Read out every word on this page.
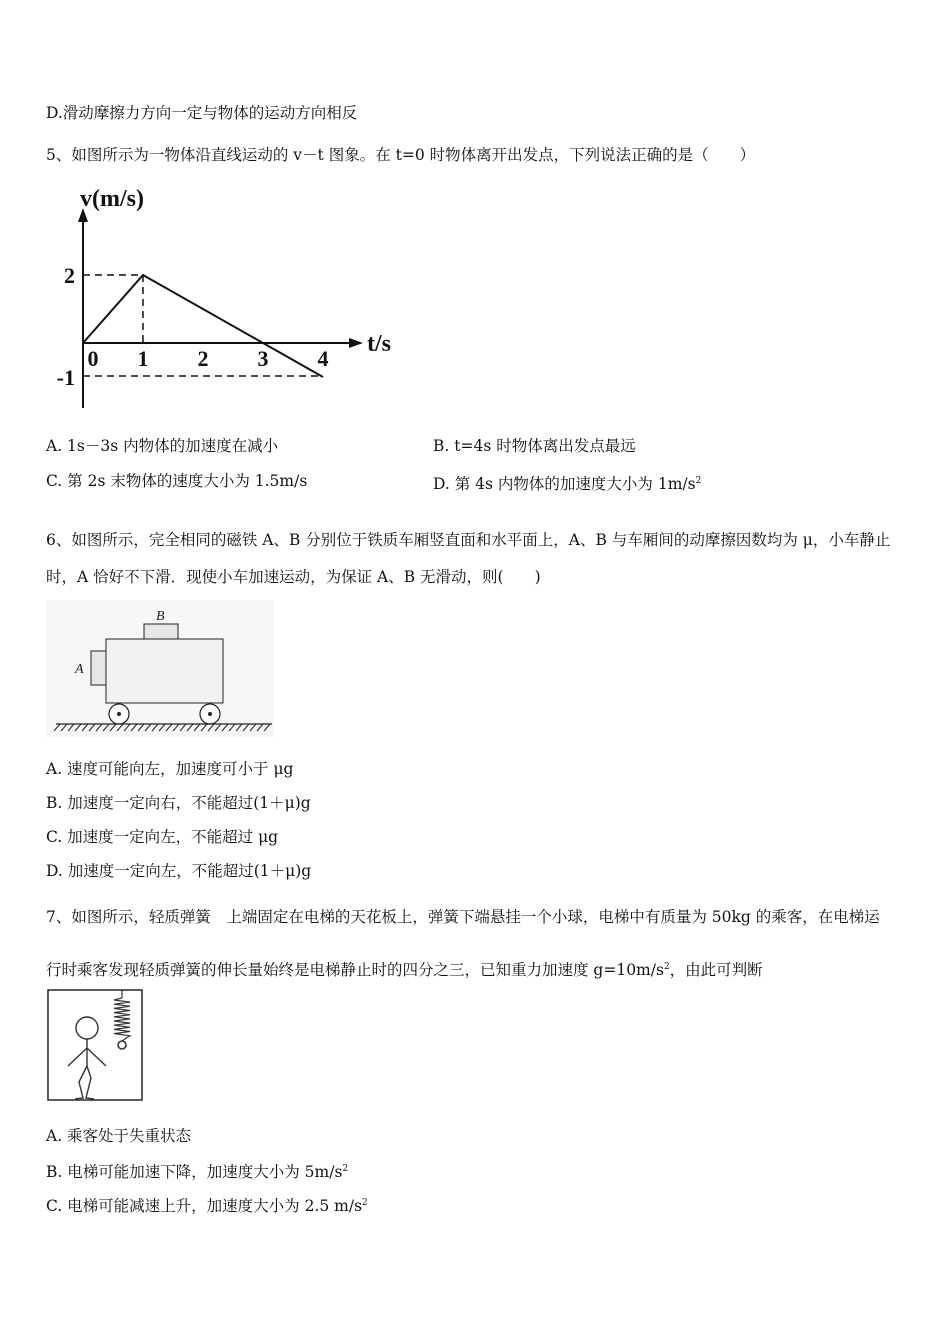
D.滑动摩擦力方向一定与物体的运动方向相反
5、如图所示为一物体沿直线运动的 v－t 图象。在 t=0 时物体离开出发点，下列说法正确的是（　　）
v(m/s)
t/s
0 1 2 3 4
2
-1
A. 1s－3s 内物体的加速度在减小	B. t=4s 时物体离出发点最远
C. 第 2s 末物体的速度大小为 1.5m/s	D. 第 4s 内物体的加速度大小为 $1m/s^2$
6、如图所示，完全相同的磁铁 A、B 分别位于铁质车厢竖直面和水平面上，A、B 与车厢间的动摩擦因数均为 μ，小车静止
时，A 恰好不下滑．现使小车加速运动，为保证 A、B 无滑动，则(　　)
A
B
A. 速度可能向左，加速度可小于 μg
B. 加速度一定向右，不能超过(1＋μ)g
C. 加速度一定向左，不能超过 μg
D. 加速度一定向左，不能超过(1＋μ)g
7、如图所示，轻质弹簧　上端固定在电梯的天花板上，弹簧下端悬挂一个小球，电梯中有质量为 50kg 的乘客，在电梯运
行时乘客发现轻质弹簧的伸长量始终是电梯静止时的四分之三，已知重力加速度 $g=10m/s^2$，由此可判断
A. 乘客处于失重状态
B. 电梯可能加速下降，加速度大小为 $5m/s^2$
C. 电梯可能减速上升，加速度大小为 2.5 $m/s^2$
